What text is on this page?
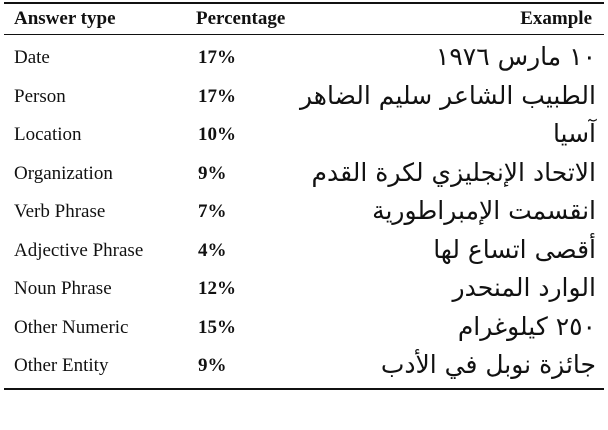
Answer type	Percentage	Example
Date	17%	١٠ مارس ١٩٧٦
Person	17%	الطبيب الشاعر سليم الضاهر
Location	10%	آسيا
Organization	9%	الاتحاد الإنجليزي لكرة القدم
Verb Phrase	7%	انقسمت الإمبراطورية
Adjective Phrase	4%	أقصى اتساع لها
Noun Phrase	12%	الوارد المنحدر
Other Numeric	15%	٢٥٠ كيلوغرام
Other Entity	9%	جائزة نوبل في الأدب
